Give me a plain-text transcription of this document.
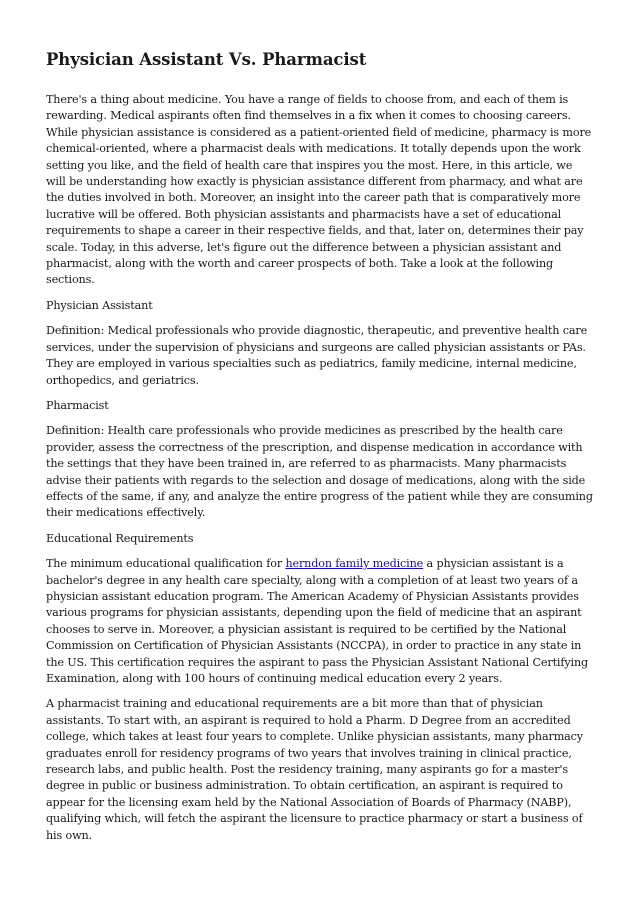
Physician Assistant Vs. Pharmacist

There's a thing about medicine. You have a range of fields to choose from, and each of them is rewarding. Medical aspirants often find themselves in a fix when it comes to choosing careers. While physician assistance is considered as a patient-oriented field of medicine, pharmacy is more chemical-oriented, where a pharmacist deals with medications. It totally depends upon the work setting you like, and the field of health care that inspires you the most. Here, in this article, we will be understanding how exactly is physician assistance different from pharmacy, and what are the duties involved in both. Moreover, an insight into the career path that is comparatively more lucrative will be offered. Both physician assistants and pharmacists have a set of educational requirements to shape a career in their respective fields, and that, later on, determines their pay scale. Today, in this adverse, let's figure out the difference between a physician assistant and pharmacist, along with the worth and career prospects of both. Take a look at the following sections.

Physician Assistant

Definition: Medical professionals who provide diagnostic, therapeutic, and preventive health care services, under the supervision of physicians and surgeons are called physician assistants or PAs. They are employed in various specialties such as pediatrics, family medicine, internal medicine, orthopedics, and geriatrics.

Pharmacist

Definition: Health care professionals who provide medicines as prescribed by the health care provider, assess the correctness of the prescription, and dispense medication in accordance with the settings that they have been trained in, are referred to as pharmacists. Many pharmacists advise their patients with regards to the selection and dosage of medications, along with the side effects of the same, if any, and analyze the entire progress of the patient while they are consuming their medications effectively.

Educational Requirements

The minimum educational qualification for herndon family medicine a physician assistant is a bachelor's degree in any health care specialty, along with a completion of at least two years of a physician assistant education program. The American Academy of Physician Assistants provides various programs for physician assistants, depending upon the field of medicine that an aspirant chooses to serve in. Moreover, a physician assistant is required to be certified by the National Commission on Certification of Physician Assistants (NCCPA), in order to practice in any state in the US. This certification requires the aspirant to pass the Physician Assistant National Certifying Examination, along with 100 hours of continuing medical education every 2 years.

A pharmacist training and educational requirements are a bit more than that of physician assistants. To start with, an aspirant is required to hold a Pharm. D Degree from an accredited college, which takes at least four years to complete. Unlike physician assistants, many pharmacy graduates enroll for residency programs of two years that involves training in clinical practice, research labs, and public health. Post the residency training, many aspirants go for a master's degree in public or business administration. To obtain certification, an aspirant is required to appear for the licensing exam held by the National Association of Boards of Pharmacy (NABP), qualifying which, will fetch the aspirant the licensure to practice pharmacy or start a business of his own.
